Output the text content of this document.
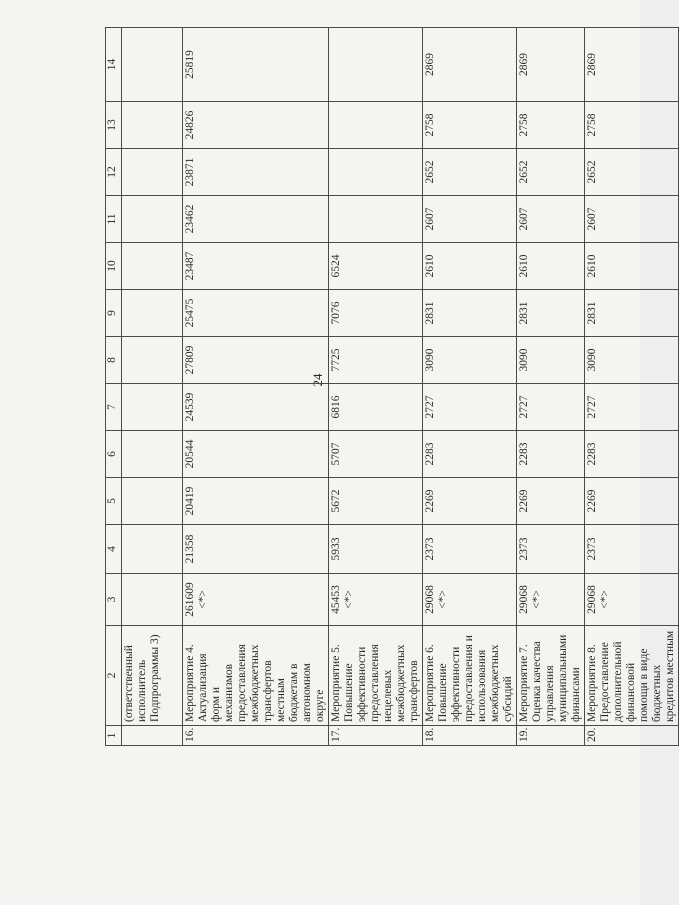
24
1	2	3	4	5	6	7	8	9	10	11	12	13	14
	(ответственный исполнитель Подпрограммы 3)												
16.	Мероприятие 4. Актуализация форм и механизмов предоставления межбюджетных трансфертов местным бюджетам в автономном округе	261609 <*>	21358	20419	20544	24539	27809	25475	23487	23462	23871	24826	25819
17.	Мероприятие 5. Повышение эффективности предоставления нецелевых межбюджетных трансфертов	45453 <*>	5933	5672	5707	6816	7725	7076	6524				
18.	Мероприятие 6. Повышение эффективности предоставления и использования межбюджетных субсидий	29068 <*>	2373	2269	2283	2727	3090	2831	2610	2607	2652	2758	2869
19.	Мероприятие 7. Оценка качества управления муниципальными финансами	29068 <*>	2373	2269	2283	2727	3090	2831	2610	2607	2652	2758	2869
20.	Мероприятие 8. Предоставление дополнительной финансовой помощи в виде бюджетных кредитов местным	29068 <*>	2373	2269	2283	2727	3090	2831	2610	2607	2652	2758	2869
